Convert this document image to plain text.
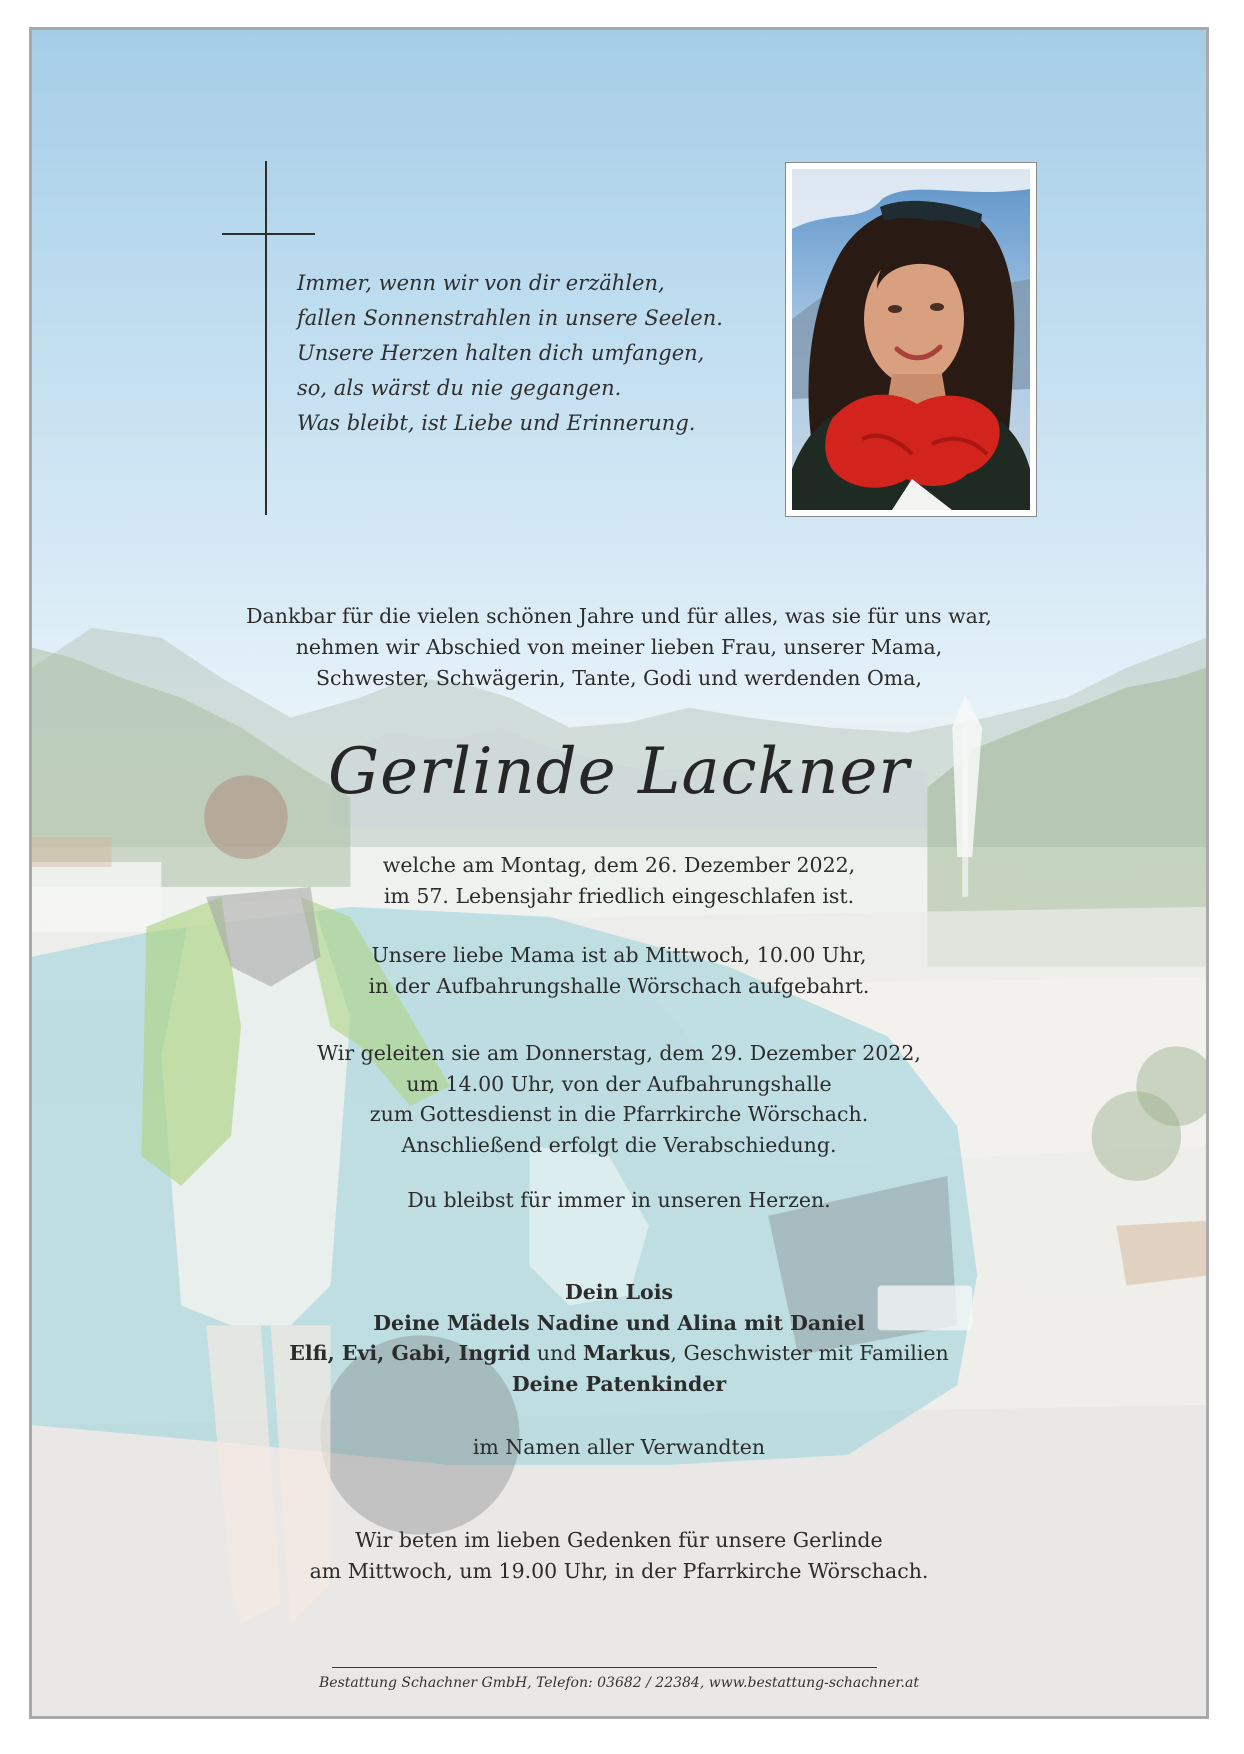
Immer, wenn wir von dir erzählen,
fallen Sonnenstrahlen in unsere Seelen.
Unsere Herzen halten dich umfangen,
so, als wärst du nie gegangen.
Was bleibt, ist Liebe und Erinnerung.
Dankbar für die vielen schönen Jahre und für alles, was sie für uns war,
nehmen wir Abschied von meiner lieben Frau, unserer Mama,
Schwester, Schwägerin, Tante, Godi und werdenden Oma,
Gerlinde Lackner
welche am Montag, dem 26. Dezember 2022,
im 57. Lebensjahr friedlich eingeschlafen ist.
Unsere liebe Mama ist ab Mittwoch, 10.00 Uhr,
in der Aufbahrungshalle Wörschach aufgebahrt.
Wir geleiten sie am Donnerstag, dem 29. Dezember 2022,
um 14.00 Uhr, von der Aufbahrungshalle
zum Gottesdienst in die Pfarrkirche Wörschach.
Anschließend erfolgt die Verabschiedung.
Du bleibst für immer in unseren Herzen.
Dein Lois
Deine Mädels Nadine und Alina mit Daniel
Elfi, Evi, Gabi, Ingrid und Markus, Geschwister mit Familien
Deine Patenkinder
im Namen aller Verwandten
Wir beten im lieben Gedenken für unsere Gerlinde
am Mittwoch, um 19.00 Uhr, in der Pfarrkirche Wörschach.
Bestattung Schachner GmbH, Telefon: 03682 / 22384, www.bestattung-schachner.at
